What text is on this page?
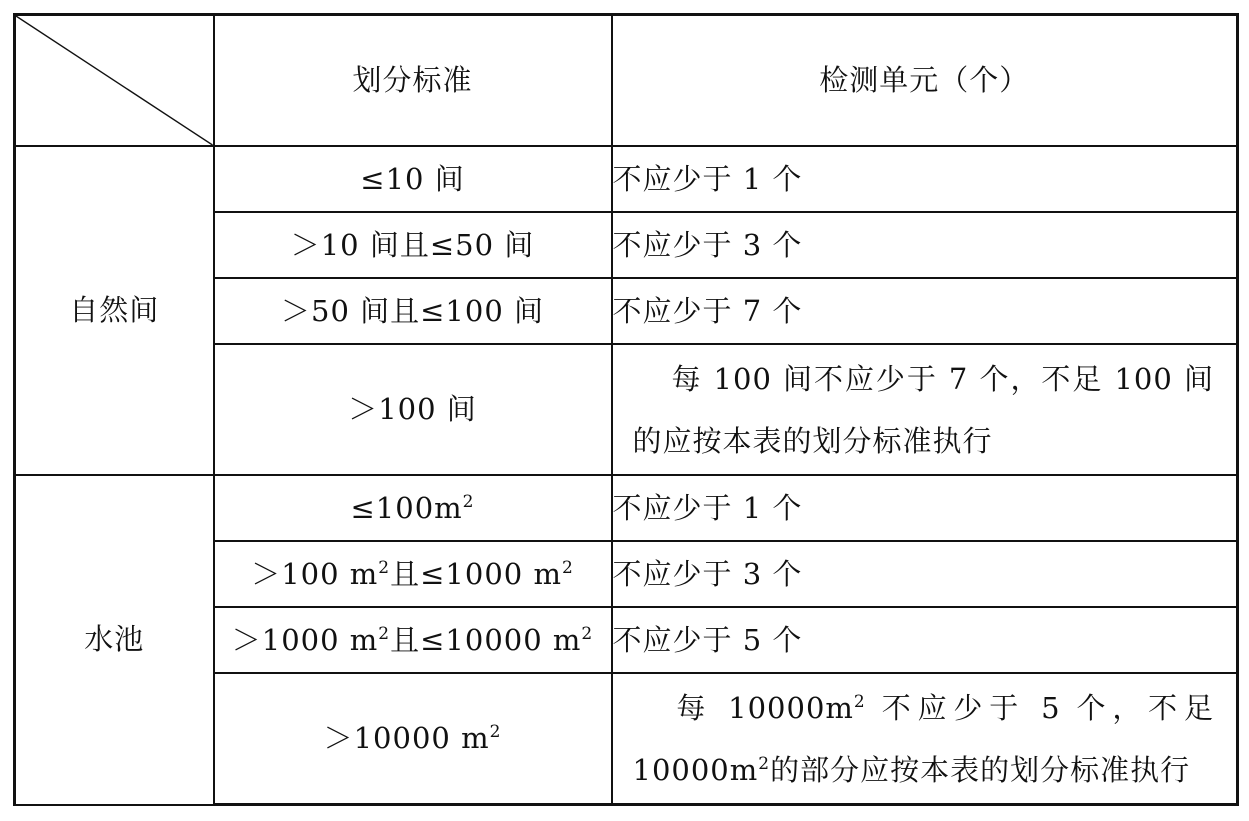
	划分标准	检测单元（个）
自然间	≤10 间	不应少于 1 个
	＞10 间且≤50 间	不应少于 3 个
	＞50 间且≤100 间	不应少于 7 个
	＞100 间	每 100 间不应少于 7 个，不足 100 间的应按本表的划分标准执行
水池	$\le 100m^2$	不应少于 1 个
	＞100 $m^2$且≤1000 $m^2$	不应少于 3 个
	＞1000 $m^2$且≤10000 $m^2$	不应少于 5 个
	＞10000 $m^2$	每 $10000m^2$ 不应少于 5 个，不足 $10000m^2$的部分应按本表的划分标准执行
